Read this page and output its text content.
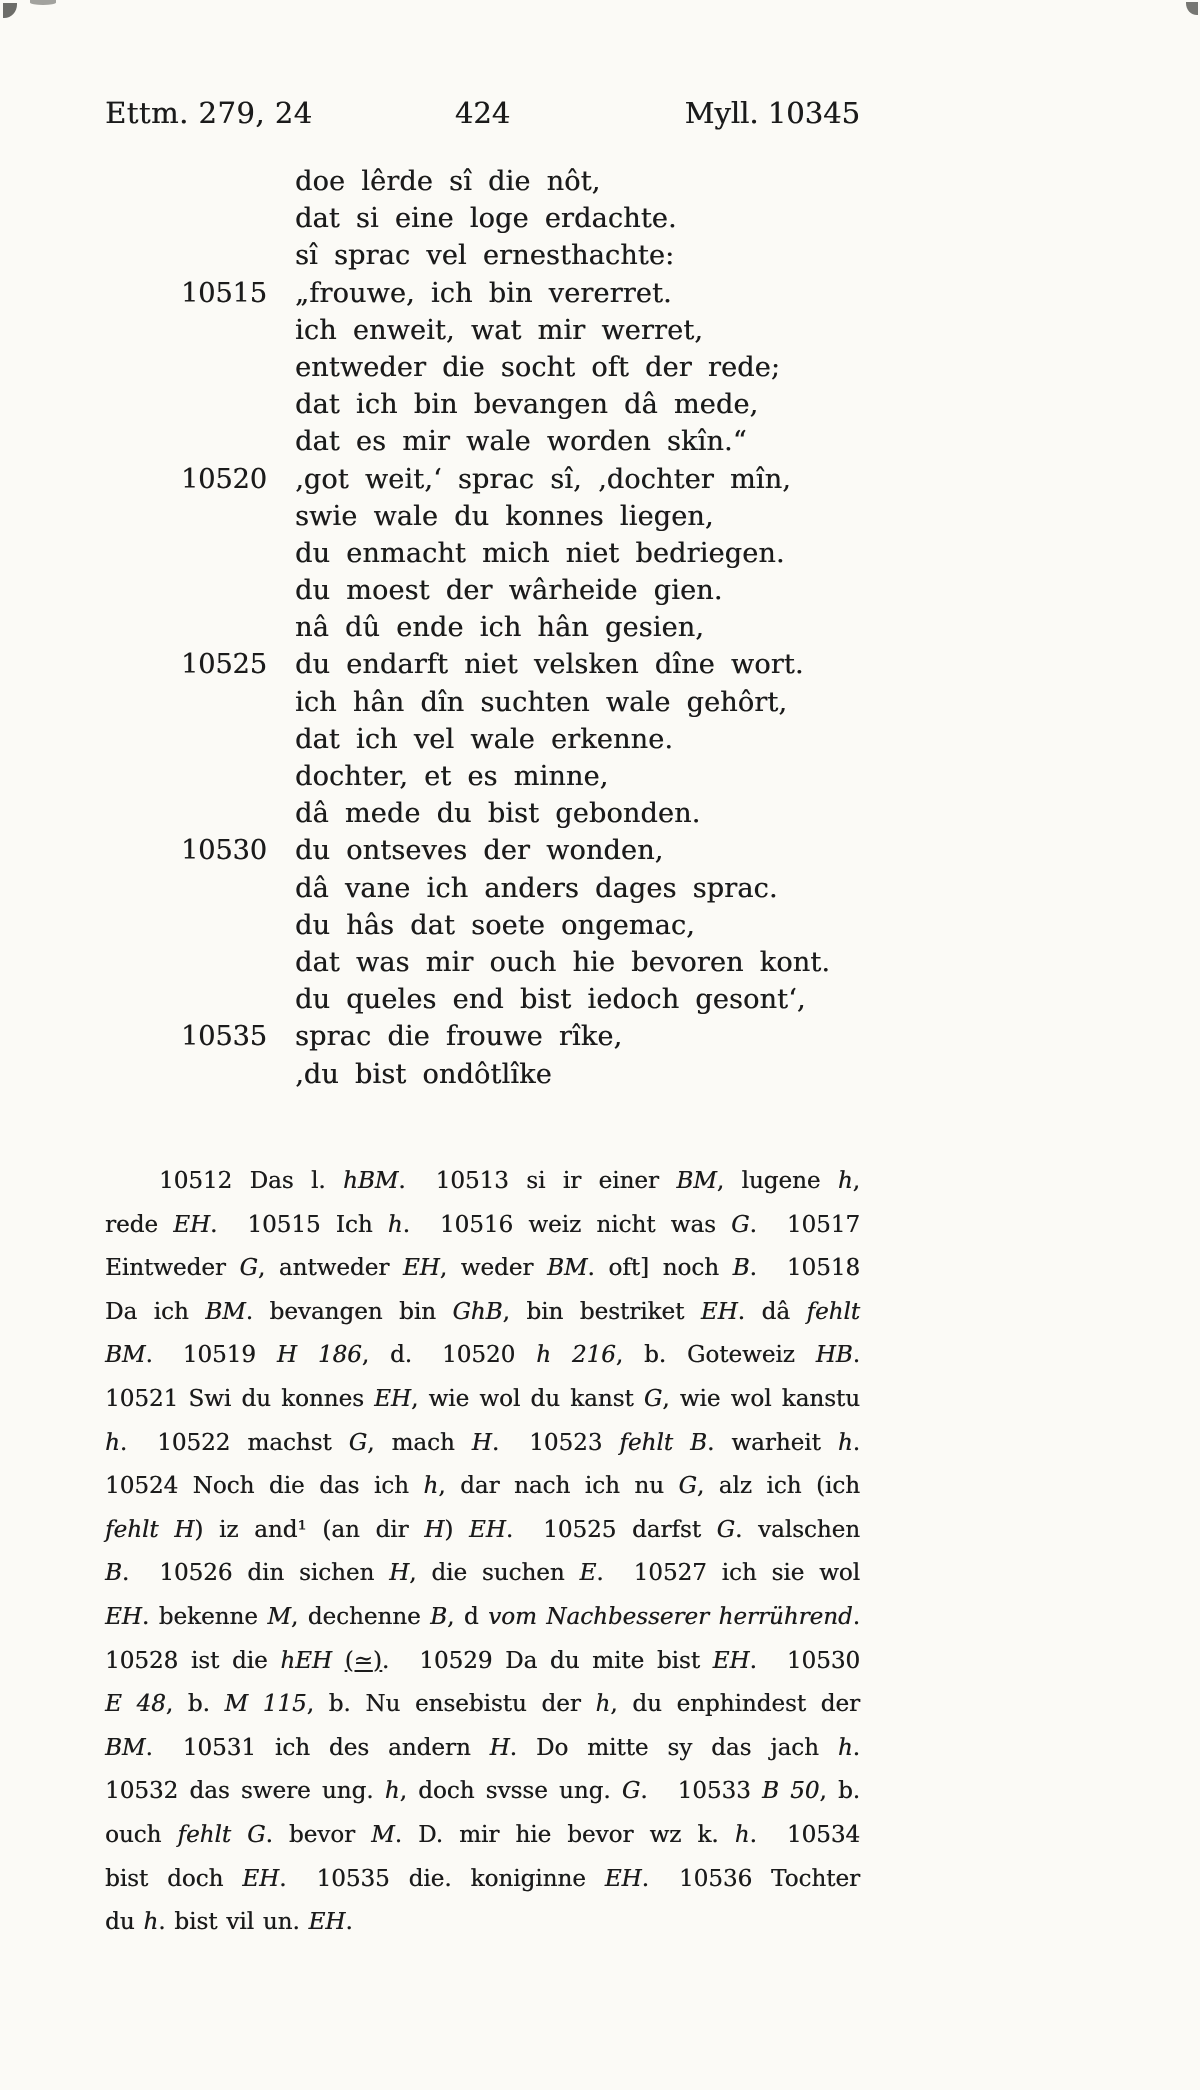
Ettm. 279, 24	424	Myll. 10345
doe lêrde sî die nôt,
dat si eine loge erdachte.
sî sprac vel ernesthachte:
10515	„frouwe, ich bin vererret.
ich enweit, wat mir werret,
entweder die socht oft der rede;
dat ich bin bevangen dâ mede,
dat es mir wale worden skîn.“
10520	‚got weit,‘ sprac sî, ‚dochter mîn,
swie wale du konnes liegen,
du enmacht mich niet bedriegen.
du moest der wârheide gien.
nâ dû ende ich hân gesien,
10525	du endarft niet velsken dîne wort.
ich hân dîn suchten wale gehôrt,
dat ich vel wale erkenne.
dochter, et es minne,
dâ mede du bist gebonden.
10530	du ontseves der wonden,
dâ vane ich anders dages sprac.
du hâs dat soete ongemac,
dat was mir ouch hie bevoren kont.
du queles end bist iedoch gesont‘,
10535	sprac die frouwe rîke,
‚du bist ondôtlîke
10512 Das l. hBM. 10513 si ir einer BM, lugene h,
rede EH. 10515 Ich h. 10516 weiz nicht was G. 10517
Eintweder G, antweder EH, weder BM. oft] noch B. 10518
Da ich BM. bevangen bin GhB, bin bestriket EH. dâ fehlt
BM. 10519 H 186, d. 10520 h 216, b. Goteweiz HB.
10521 Swi du konnes EH, wie wol du kanst G, wie wol kanstu
h. 10522 machst G, mach H. 10523 fehlt B. warheit h.
10524 Noch die das ich h, dar nach ich nu G, alz ich (ich
fehlt H) iz and¹ (an dir H) EH. 10525 darfst G. valschen
B. 10526 din sichen H, die suchen E. 10527 ich sie wol
EH. bekenne M, dechenne B, d vom Nachbesserer herrührend.
10528 ist die hEH (≃). 10529 Da du mite bist EH. 10530
E 48, b. M 115, b. Nu ensebistu der h, du enphindest der
BM. 10531 ich des andern H. Do mitte sy das jach h.
10532 das swere ung. h, doch svsse ung. G. 10533 B 50, b.
ouch fehlt G. bevor M. D. mir hie bevor wz k. h. 10534
bist doch EH. 10535 die. koniginne EH. 10536 Tochter
du h. bist vil un. EH.
